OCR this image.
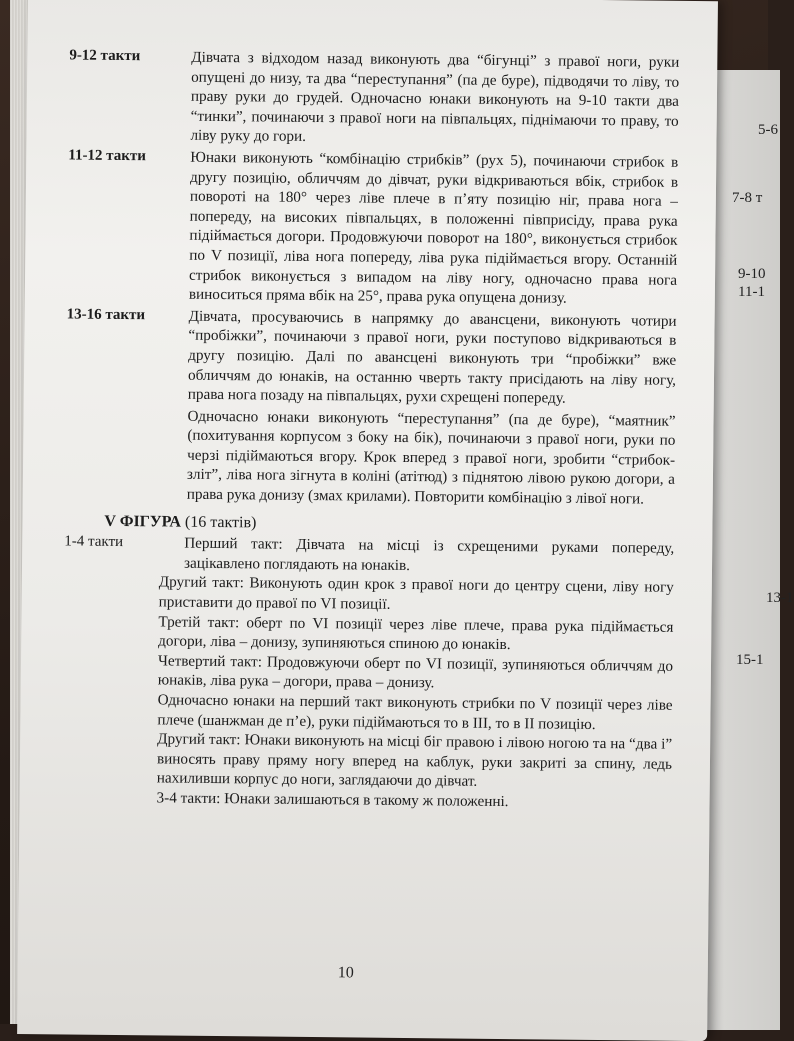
5-6
7-8 т
9-10
11-1
13-1
15-1
9-12 такти	Дівчата з відходом назад виконують два “бігунці” з правої ноги, руки опущені до низу, та два “переступання” (па де буре), підводячи то ліву, то праву руки до грудей. Одночасно юнаки виконують на 9-10 такти два “тинки”, починаючи з правої ноги на півпальцях, піднімаючи то праву, то ліву руку до гори.

11-12 такти	Юнаки виконують “комбінацію стрибків” (рух 5), починаючи стрибок в другу позицію, обличчям до дівчат, руки відкриваються вбік, стрибок в повороті на 180° через ліве плече в п’яту позицію ніг, права нога – попереду, на високих півпальцях, в положенні півприсіду, права рука підіймається догори. Продовжуючи поворот на 180°, виконується стрибок по V позиції, ліва нога попереду, ліва рука підіймається вгору. Останній стрибок виконується з випадом на ліву ногу, одночасно права нога виноситься пряма вбік на 25°, права рука опущена донизу.

13-16 такти	Дівчата, просуваючись в напрямку до авансцени, виконують чотири “пробіжки”, починаючи з правої ноги, руки поступово відкриваються в другу позицію. Далі по авансцені виконують три “пробіжки” вже обличчям до юнаків, на останню чверть такту присідають на ліву ногу, права нога позаду на півпальцях, рухи схрещені попереду.

Одночасно юнаки виконують “переступання” (па де буре), “маятник” (похитування корпусом з боку на бік), починаючи з правої ноги, руки по черзі підіймаються вгору. Крок вперед з правої ноги, зробити “стрибок-зліт”, ліва нога зігнута в коліні (атітюд) з піднятою лівою рукою догори, а права рука донизу (змах крилами). Повторити комбінацію з лівої ноги.

V ФІГУРА (16 тактів)
1-4 такти	Перший такт: Дівчата на місці із схрещеними руками попереду, зацікавлено поглядають на юнаків.

Другий такт: Виконують один крок з правої ноги до центру сцени, ліву ногу приставити до правої по VI позиції.

Третій такт: оберт по VI позиції через ліве плече, права рука підіймається догори, ліва – донизу, зупиняються спиною до юнаків.

Четвертий такт: Продовжуючи оберт по VI позиції, зупиняються обличчям до юнаків, ліва рука – догори, права – донизу.

Одночасно юнаки на перший такт виконують стрибки по V позиції через ліве плече (шанжман де п’е), руки підіймаються то в III, то в II позицію.

Другий такт: Юнаки виконують на місці біг правою і лівою ногою та на “два і” виносять праву пряму ногу вперед на каблук, руки закриті за спину, ледь нахиливши корпус до ноги, заглядаючи до дівчат.

3-4 такти: Юнаки залишаються в такому ж положенні.

10
